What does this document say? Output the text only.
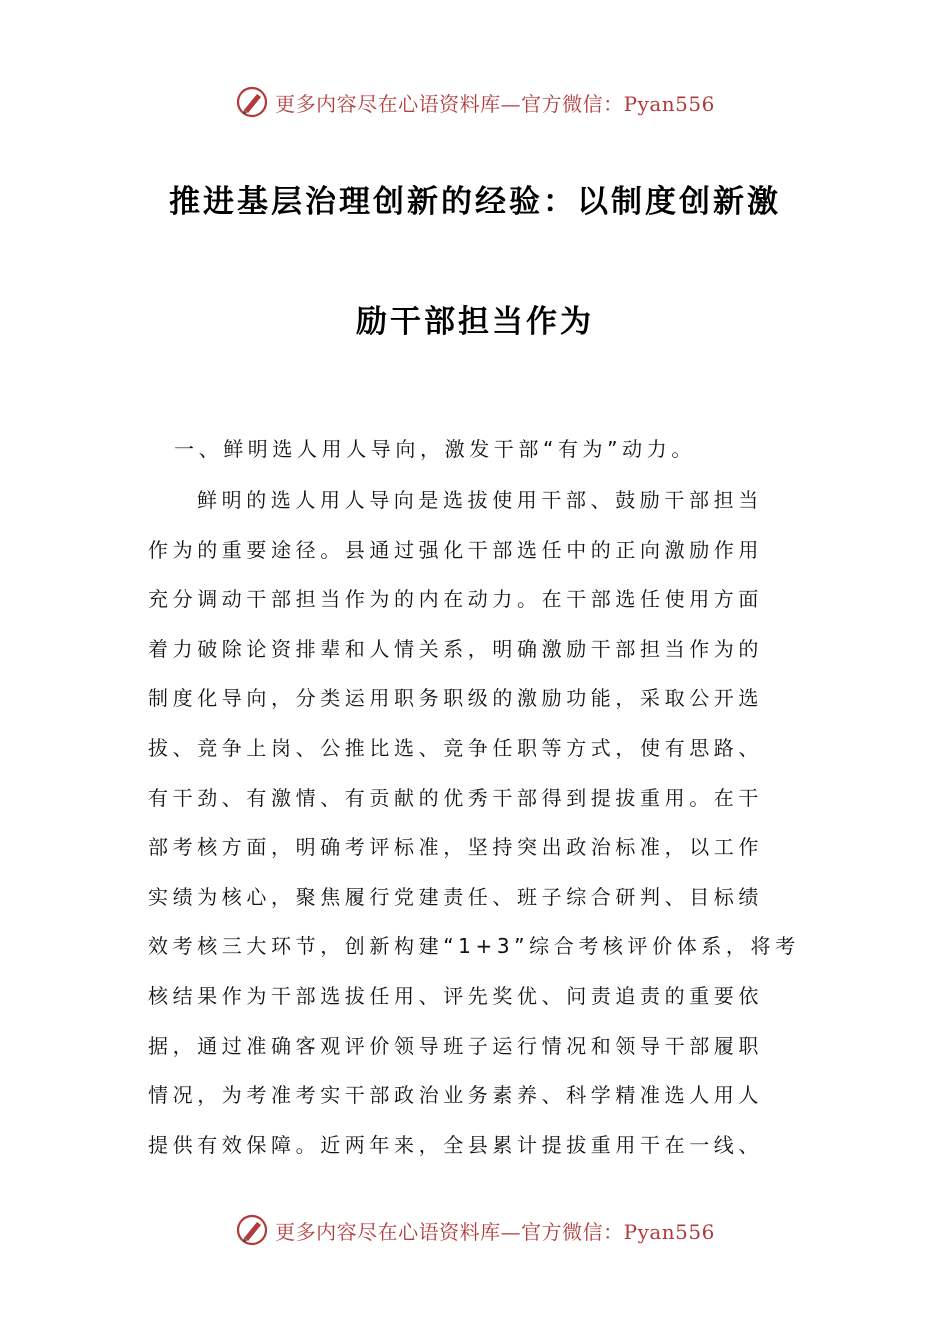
更多内容尽在心语资料库—官方微信：Pyan556
推进基层治理创新的经验：以制度创新激
励干部担当作为
一、鲜明选人用人导向，激发干部“有为”动力。
鲜明的选人用人导向是选拔使用干部、鼓励干部担当
作为的重要途径。县通过强化干部选任中的正向激励作用
充分调动干部担当作为的内在动力。在干部选任使用方面
着力破除论资排辈和人情关系，明确激励干部担当作为的
制度化导向，分类运用职务职级的激励功能，采取公开选
拔、竞争上岗、公推比选、竞争任职等方式，使有思路、
有干劲、有激情、有贡献的优秀干部得到提拔重用。在干
部考核方面，明确考评标准，坚持突出政治标准，以工作
实绩为核心，聚焦履行党建责任、班子综合研判、目标绩
效考核三大环节，创新构建“1+3”综合考核评价体系，将考
核结果作为干部选拔任用、评先奖优、问责追责的重要依
据，通过准确客观评价领导班子运行情况和领导干部履职
情况，为考准考实干部政治业务素养、科学精准选人用人
提供有效保障。近两年来，全县累计提拔重用干在一线、
更多内容尽在心语资料库—官方微信：Pyan556
